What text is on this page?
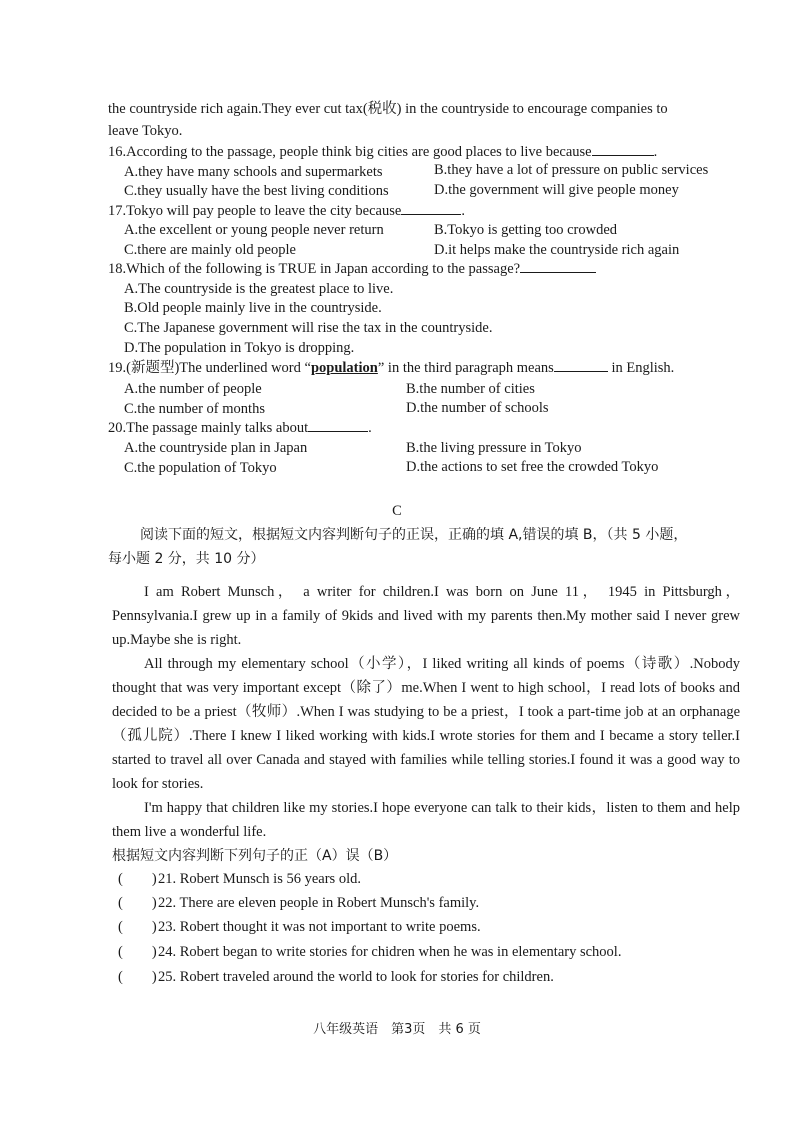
the countryside rich again.They ever cut tax(税收) in the countryside to encourage companies to
leave Tokyo.
16.According to the passage, people think big cities are good places to live because	.
A.they have many schools and supermarkets	B.they have a lot of pressure on public services
C.they usually have the best living conditions	D.the government will give people money
17.Tokyo will pay people to leave the city because	.
A.the excellent or young people never return	B.Tokyo is getting too crowded
C.there are mainly old people	D.it helps make the countryside rich again
18.Which of the following is TRUE in Japan according to the passage?
A.The countryside is the greatest place to live.
B.Old people mainly live in the countryside.
C.The Japanese government will rise the tax in the countryside.
D.The population in Tokyo is dropping.
19.(新题型)The underlined word “population” in the third paragraph means	in English.
A.the number of people	B.the number of cities
C.the number of months	D.the number of schools
20.The passage mainly talks about	.
A.the countryside plan in Japan	B.the living pressure in Tokyo
C.the population of Tokyo	D.the actions to set free the crowded Tokyo
C
阅读下面的短文，根据短文内容判断句子的正误，正确的填 A,错误的填 B，（共 5 小题，
每小题 2 分，共 10 分）
I am Robert Munsch， a writer for children.I was born on June 11， 1945 in Pittsburgh，Pennsylvania.I grew up in a family of 9kids and lived with my parents then.My mother said I never grew up.Maybe she is right.
All through my elementary school（小学），I liked writing all kinds of poems（诗歌）.Nobody thought that was very important except（除了）me.When I went to high school，I read lots of books and decided to be a priest（牧师）.When I was studying to be a priest，I took a part-time job at an orphanage（孤儿院）.There I knew I liked working with kids.I wrote stories for them and I became a story teller.I started to travel all over Canada and stayed with families while telling stories.I found it was a good way to look for stories.
I'm happy that children like my stories.I hope everyone can talk to their kids，listen to them and help them live a wonderful life.
根据短文内容判断下列句子的正（A）误（B）
(　　)21. Robert Munsch is 56 years old.
(　　)22. There are eleven people in Robert Munsch's family.
(　　)23. Robert thought it was not important to write poems.
(　　)24. Robert began to write stories for chidren when he was in elementary school.
(　　)25. Robert traveled around the world to look for stories for children.
八年级英语　第3页　共 6 页
